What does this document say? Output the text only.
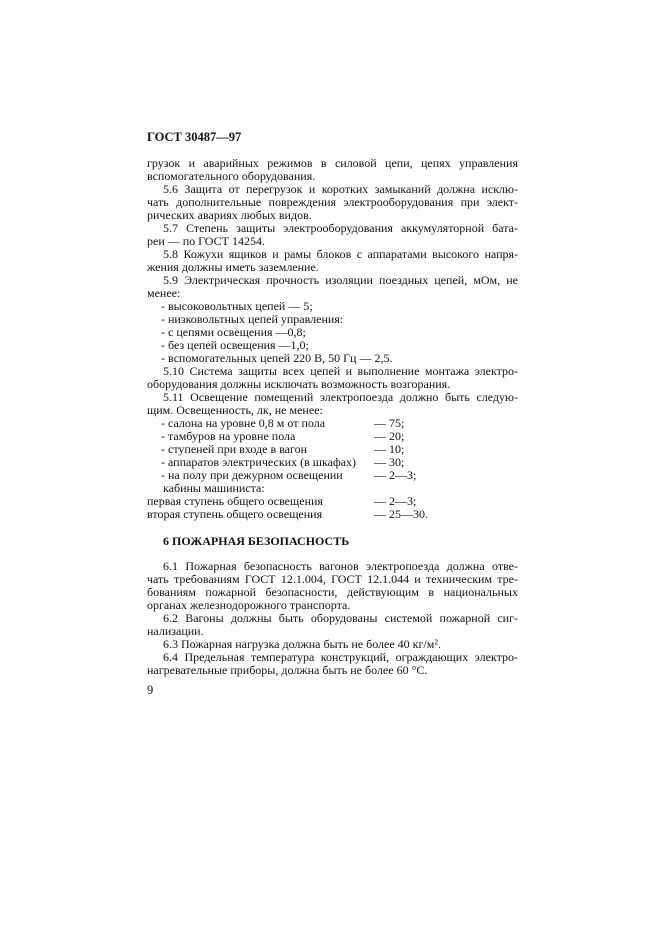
ГОСТ 30487—97
грузок и аварийных режимов в силовой цепи, цепях управления
вспомогательного оборудования.
5.6 Защита от перегрузок и коротких замыканий должна исклю-
чать дополнительные повреждения электрооборудования при элект-
рических авариях любых видов.
5.7 Степень защиты электрооборудования аккумуляторной бата-
реи — по ГОСТ 14254.
5.8 Кожухи ящиков и рамы блоков с аппаратами высокого напря-
жения должны иметь заземление.
5.9 Электрическая прочность изоляции поездных цепей, мОм, не
менее:
- высоковольтных цепей — 5;
- низковольтных цепей управления:
- с цепями освещения —0,8;
- без цепей освещения —1,0;
- вспомогательных цепей 220 В, 50 Гц — 2,5.
5.10 Система защиты всех цепей и выполнение монтажа электро-
оборудования должны исключать возможность возгорания.
5.11 Освещение помещений электропоезда должно быть следую-
щим. Освещенность, лк, не менее:
- салона на уровне 0,8 м от пола	— 75;
- тамбуров на уровне пола	— 20;
- ступеней при входе в вагон	— 10;
- аппаратов электрических (в шкафах) — 30;
- на полу при дежурном освещении	— 2—3;
кабины машиниста:
первая ступень общего освещения	— 2—3;
вторая ступень общего освещения	— 25—30.
6 ПОЖАРНАЯ БЕЗОПАСНОСТЬ
6.1 Пожарная безопасность вагонов электропоезда должна отве-
чать требованиям ГОСТ 12.1.004, ГОСТ 12.1.044 и техническим тре-
бованиям пожарной безопасности, действующим в национальных
органах железнодорожного транспорта.
6.2 Вагоны должны быть оборудованы системой пожарной сиг-
нализации.
6.3 Пожарная нагрузка должна быть не более 40 кг/м².
6.4 Предельная температура конструкций, ограждающих электро-
нагревательные приборы, должна быть не более 60 °С.
9
